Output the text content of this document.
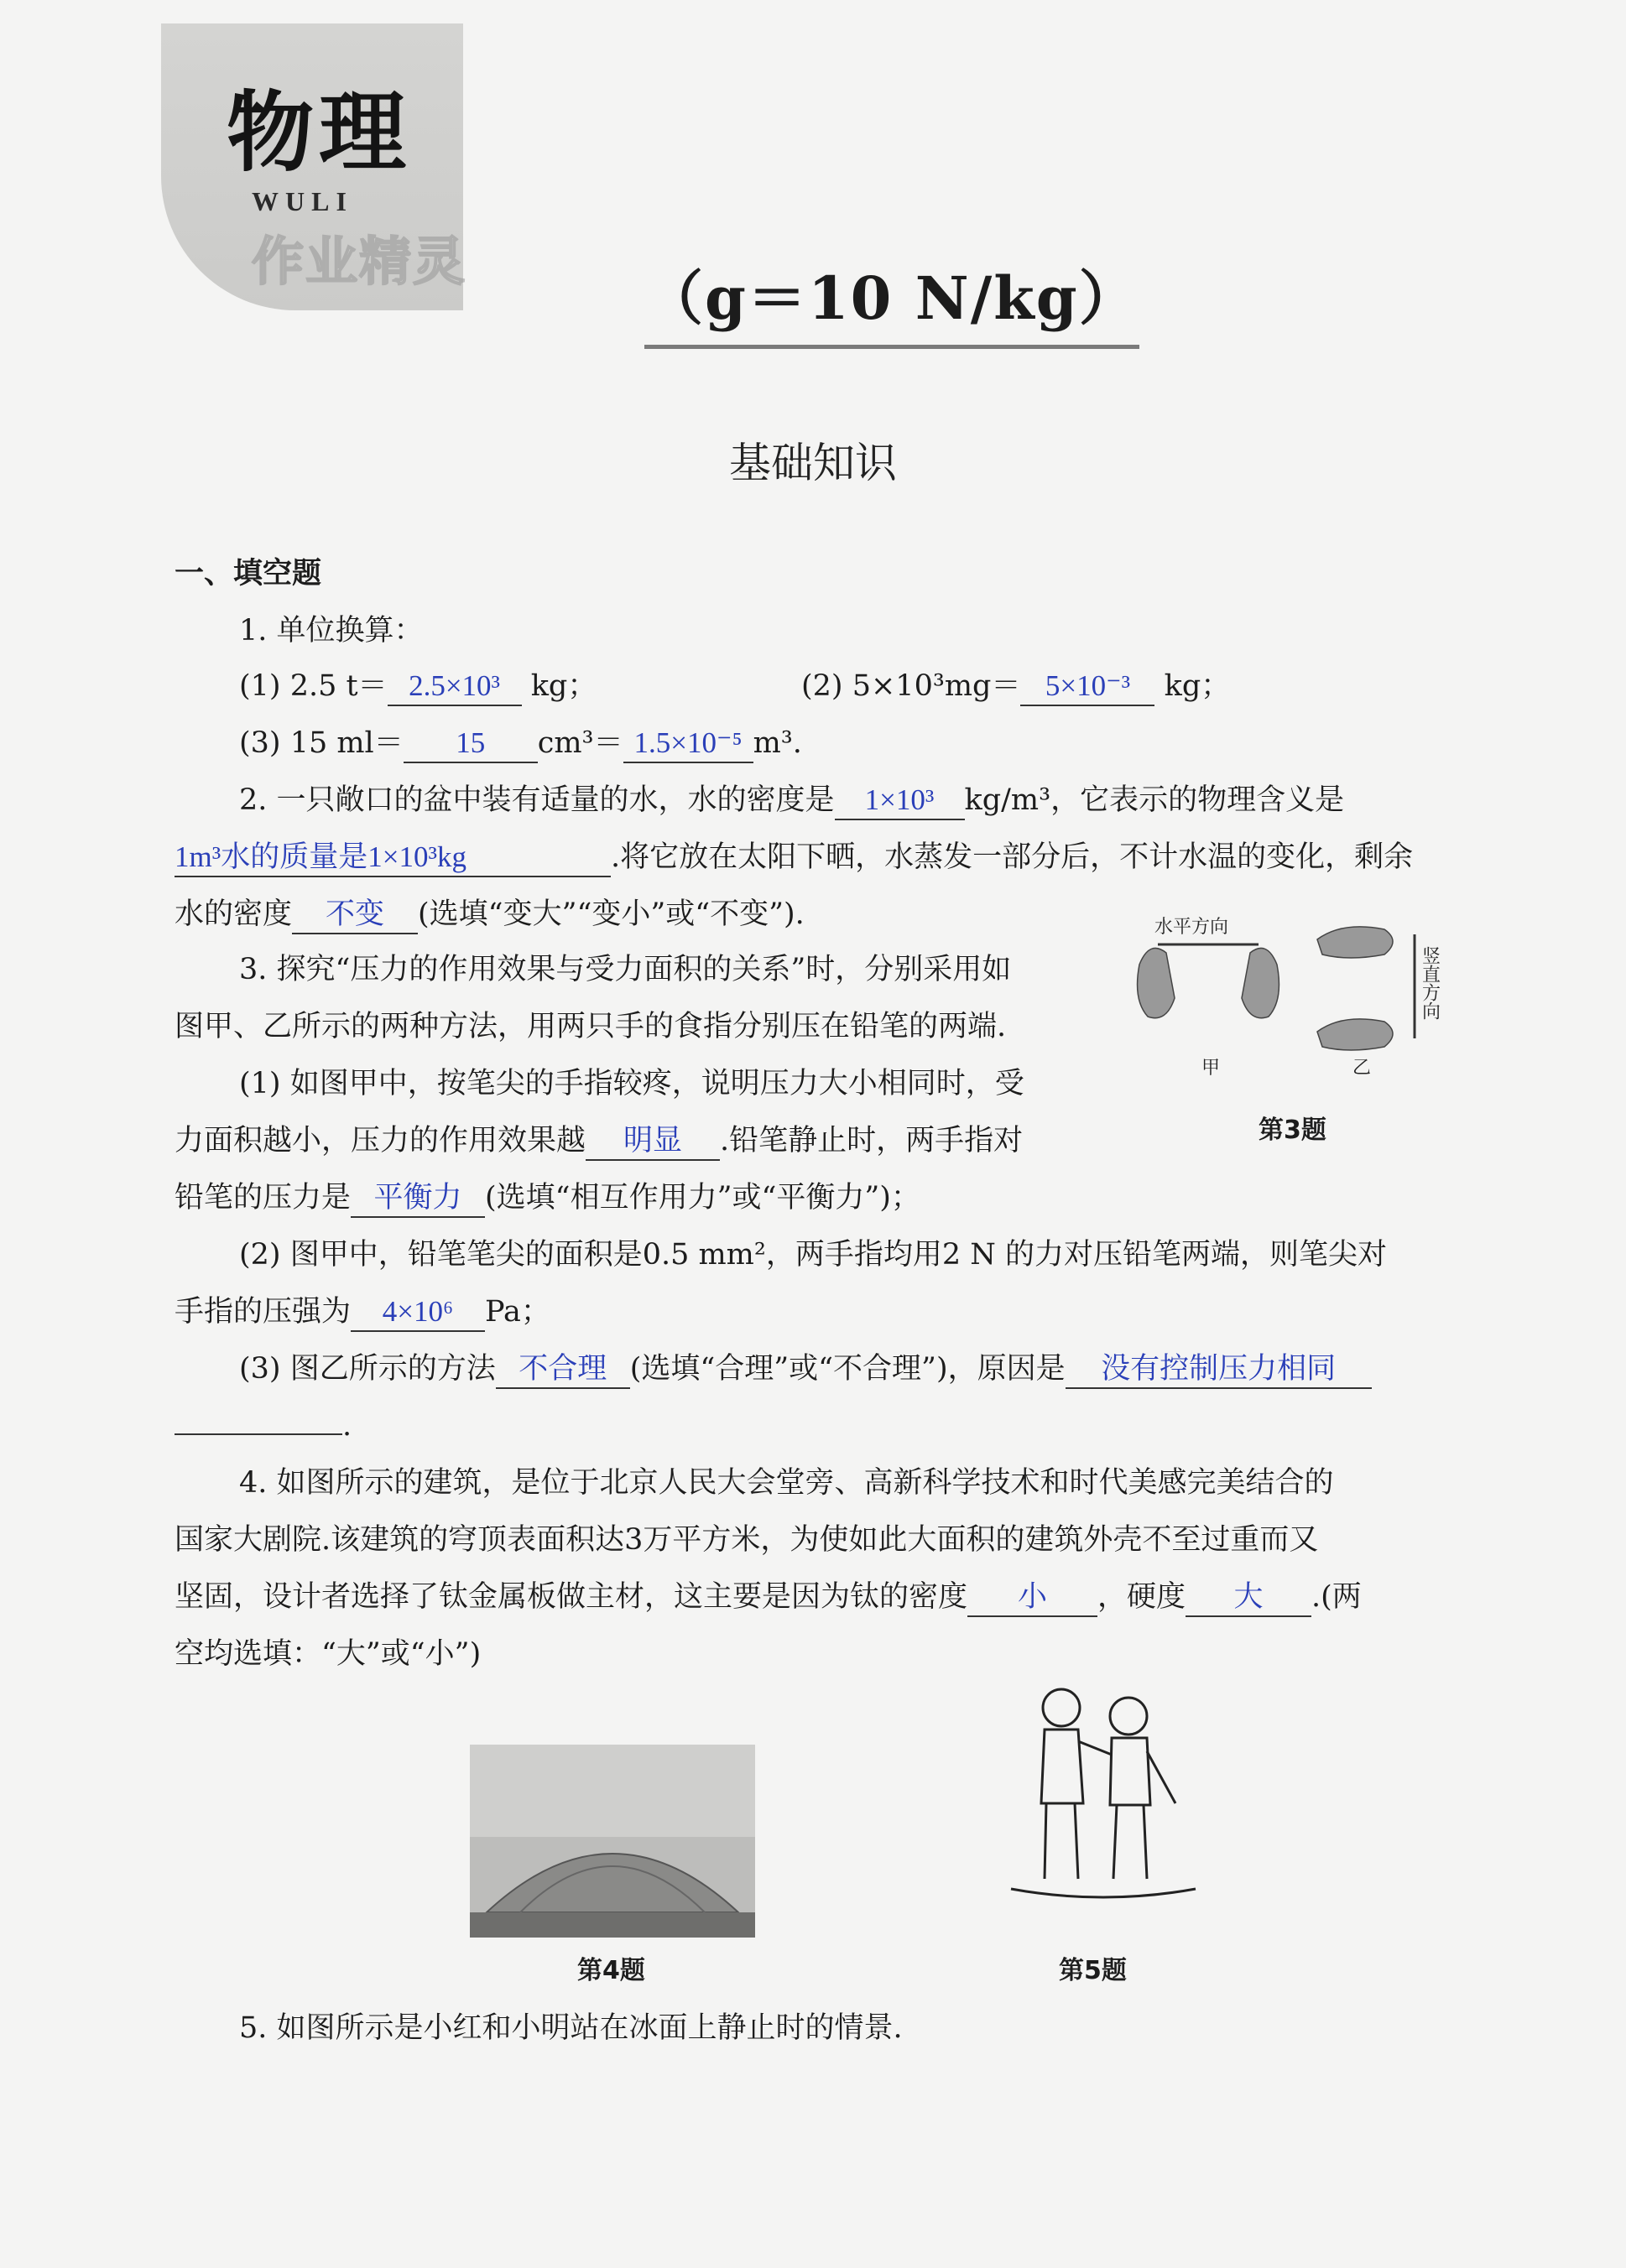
物理
WULI
作业精灵
（g＝10 N/kg）
基础知识
一、填空题
1. 单位换算：
(1) 2.5 t＝ 2.5×10³ kg；	(2) 5×10³mg＝ 5×10⁻³ kg；
(3) 15 ml＝ 15 cm³＝ 1.5×10⁻⁵ m³.
2. 一只敞口的盆中装有适量的水，水的密度是 1×10³ kg/m³，它表示的物理含义是
1m³水的质量是1×10³kg	.将它放在太阳下晒，水蒸发一部分后，不计水温的变化，剩余
水的密度 不变 (选填“变大”“变小”或“不变”).
3. 探究“压力的作用效果与受力面积的关系”时，分别采用如
图甲、乙所示的两种方法，用两只手的食指分别压在铅笔的两端.
(1) 如图甲中，按笔尖的手指较疼，说明压力大小相同时，受
力面积越小，压力的作用效果越 明显 .铅笔静止时，两手指对
铅笔的压力是 平衡力 (选填“相互作用力”或“平衡力”)；
(2) 图甲中，铅笔笔尖的面积是0.5 mm²，两手指均用2 N 的力对压铅笔两端，则笔尖对
手指的压强为 4×10⁶ Pa；
(3) 图乙所示的方法 不合理 (选填“合理”或“不合理”)，原因是 没有控制压力相同
.
水平方向
甲
竖直方向
乙
第3题
4. 如图所示的建筑，是位于北京人民大会堂旁、高新科学技术和时代美感完美结合的
国家大剧院.该建筑的穹顶表面积达3万平方米，为使如此大面积的建筑外壳不至过重而又
坚固，设计者选择了钛金属板做主材，这主要是因为钛的密度 小 ，硬度 大 .(两
空均选填：“大”或“小”)
第4题	第5题
5. 如图所示是小红和小明站在冰面上静止时的情景.
